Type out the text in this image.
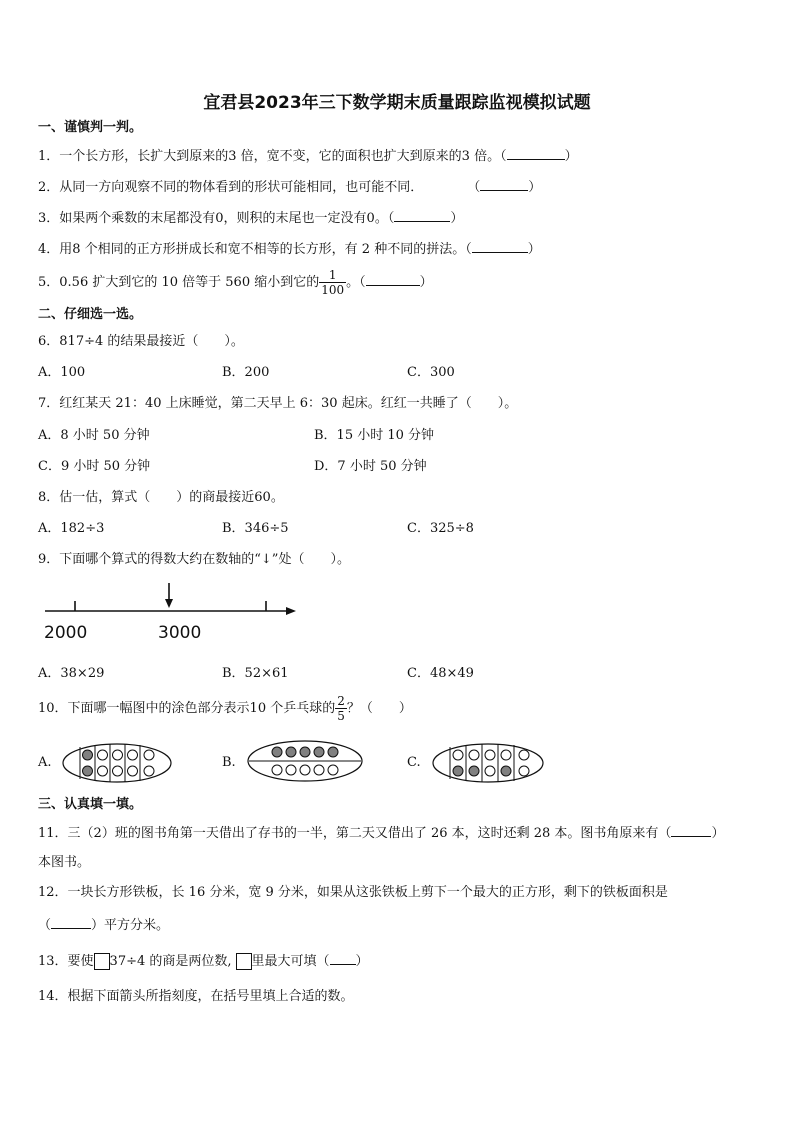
宜君县2023年三下数学期末质量跟踪监视模拟试题
一、谨慎判一判。
1．一个长方形，长扩大到原来的3 倍，宽不变，它的面积也扩大到原来的3 倍。（	）
2．从同一方向观察不同的物体看到的形状可能相同，也可能不同．	（	）
3．如果两个乘数的末尾都没有0，则积的末尾也一定没有0。（	）
4．用8 个相同的正方形拼成长和宽不相等的长方形，有 2 种不同的拼法。（	）
5．0.56 扩大到它的 10 倍等于 560 缩小到它的 $\frac{1}{100}$ 。（	）
二、仔细选一选。
6．817÷4 的结果最接近（　　）。
A．100	B．200	C．300
7．红红某天 21：40 上床睡觉，第二天早上 6：30 起床。红红一共睡了（　　）。
A．8 小时 50 分钟	B．15 小时 10 分钟
C．9 小时 50 分钟	D．7 小时 50 分钟
8．估一估，算式（　　）的商最接近60。
A．182÷3	B．346÷5	C．325÷8
9．下面哪个算式的得数大约在数轴的“↓”处（　　）。
2000	3000
A．38×29	B．52×61	C．48×49
10．下面哪一幅图中的涂色部分表示10 个乒乓球的 $\frac{2}{5}$ ？（　　）
A.	B.	C.
三、认真填一填。
11．三（2）班的图书角第一天借出了存书的一半，第二天又借出了 26 本，这时还剩 28 本。图书角原来有（	）
本图书。
12．一块长方形铁板，长 16 分米，宽 9 分米，如果从这张铁板上剪下一个最大的正方形，剩下的铁板面积是
（	）平方分米。
13．要使 37÷4 的商是两位数, 里最大可填（ ）
14．根据下面箭头所指刻度，在括号里填上合适的数。
